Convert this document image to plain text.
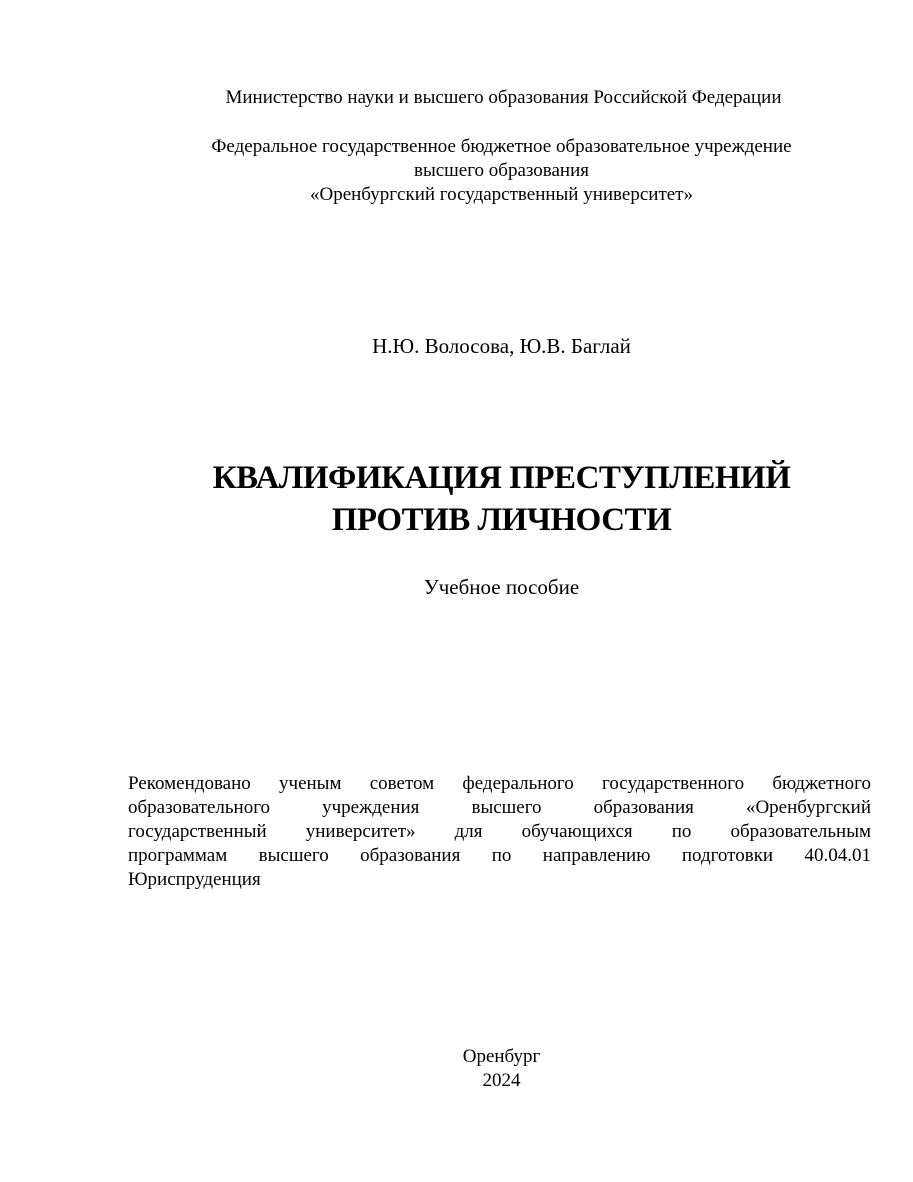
Министерство науки и высшего образования Российской Федерации
Федеральное государственное бюджетное образовательное учреждение
высшего образования
«Оренбургский государственный университет»
Н.Ю. Волосова, Ю.В. Баглай
КВАЛИФИКАЦИЯ ПРЕСТУПЛЕНИЙ
ПРОТИВ ЛИЧНОСТИ
Учебное пособие
Рекомендовано ученым советом федерального государственного бюджетного
образовательного учреждения высшего образования «Оренбургский
государственный университет» для обучающихся по образовательным
программам высшего образования по направлению подготовки 40.04.01
Юриспруденция
Оренбург
2024
